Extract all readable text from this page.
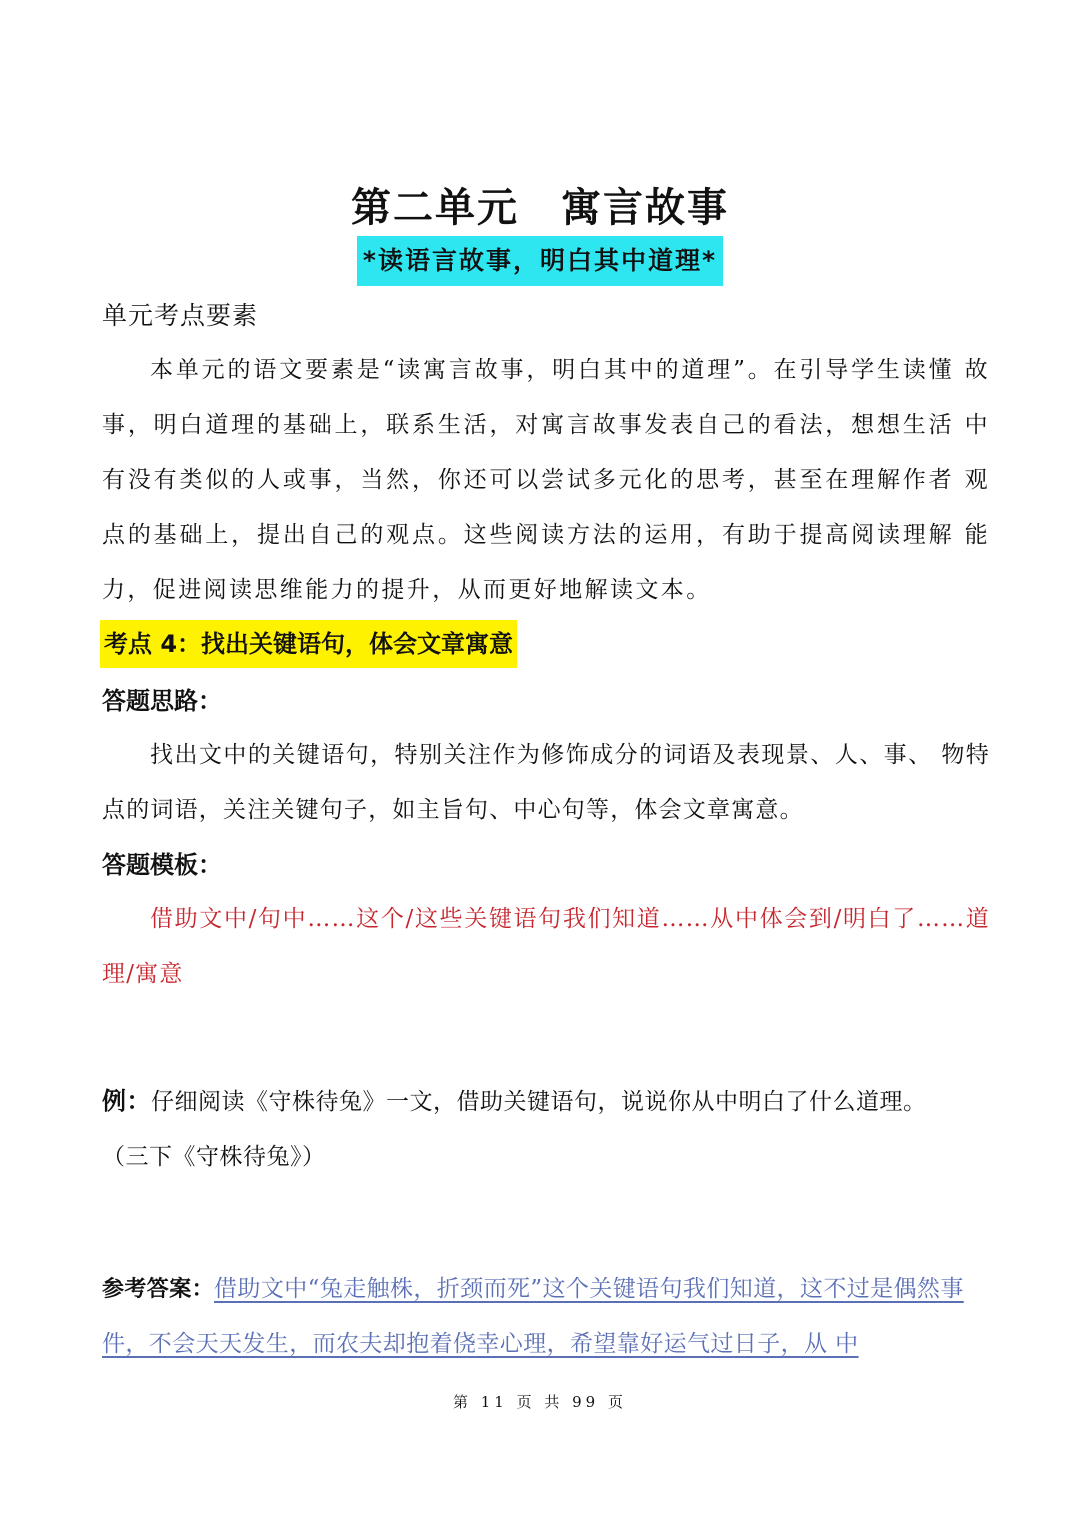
第二单元　寓言故事
*读语言故事，明白其中道理*
单元考点要素

本单元的语文要素是“读寓言故事，明白其中的道理”。在引导学生读懂 故事，明白道理的基础上，联系生活，对寓言故事发表自己的看法，想想生活 中有没有类似的人或事，当然，你还可以尝试多元化的思考，甚至在理解作者 观点的基础上，提出自己的观点。这些阅读方法的运用，有助于提高阅读理解 能力，促进阅读思维能力的提升，从而更好地解读文本。

考点 4：找出关键语句，体会文章寓意
答题思路：

找出文中的关键语句，特别关注作为修饰成分的词语及表现景、人、事、 物特点的词语，关注关键句子，如主旨句、中心句等，体会文章寓意。

答题模板：

借助文中/句中……这个/这些关键语句我们知道……从中体会到/明白了……道理/寓意

例：仔细阅读《守株待兔》一文，借助关键语句，说说你从中明白了什么道理。
（三下《守株待兔》）

参考答案：借助文中“兔走触株，折颈而死”这个关键语句我们知道，这不过是偶然事件，不会天天发生，而农夫却抱着侥幸心理，希望靠好运气过日子，从 中

第 11 页 共 99 页
